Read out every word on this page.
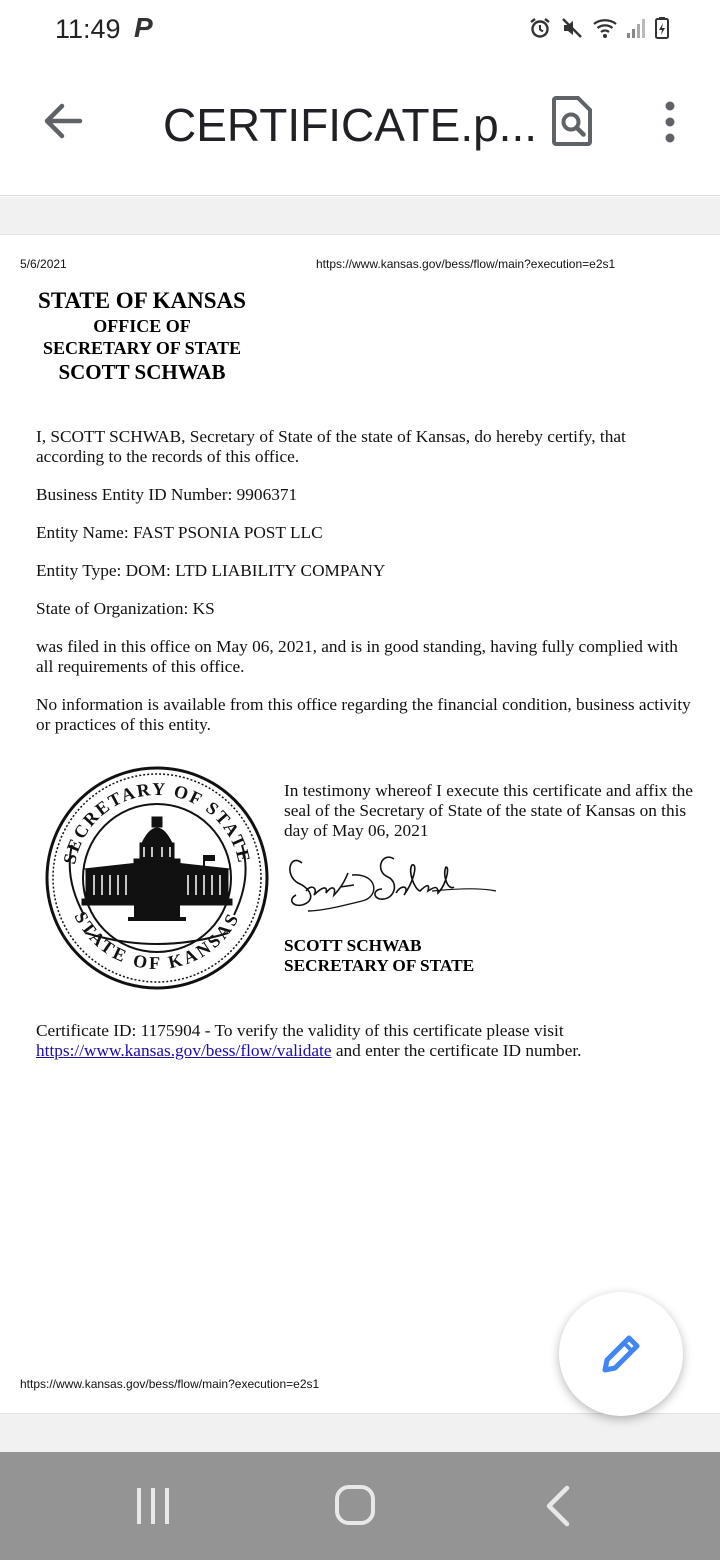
11:49 P
CERTIFICATE.p...
5/6/2021	https://www.kansas.gov/bess/flow/main?execution=e2s1
STATE OF KANSAS
OFFICE OF
SECRETARY OF STATE
SCOTT SCHWAB

I, SCOTT SCHWAB, Secretary of State of the state of Kansas, do hereby certify, that according to the records of this office.

Business Entity ID Number: 9906371

Entity Name: FAST PSONIA POST LLC

Entity Type: DOM: LTD LIABILITY COMPANY

State of Organization: KS

was filed in this office on May 06, 2021, and is in good standing, having fully complied with all requirements of this office.

No information is available from this office regarding the financial condition, business activity or practices of this entity.

SECRETARY OF STATE
STATE OF KANSAS
In testimony whereof I execute this certificate and affix the seal of the Secretary of State of the state of Kansas on this day of May 06, 2021
SCOTT SCHWAB
SECRETARY OF STATE
Certificate ID: 1175904 - To verify the validity of this certificate please visit
https://www.kansas.gov/bess/flow/validate and enter the certificate ID number.
https://www.kansas.gov/bess/flow/main?execution=e2s1
